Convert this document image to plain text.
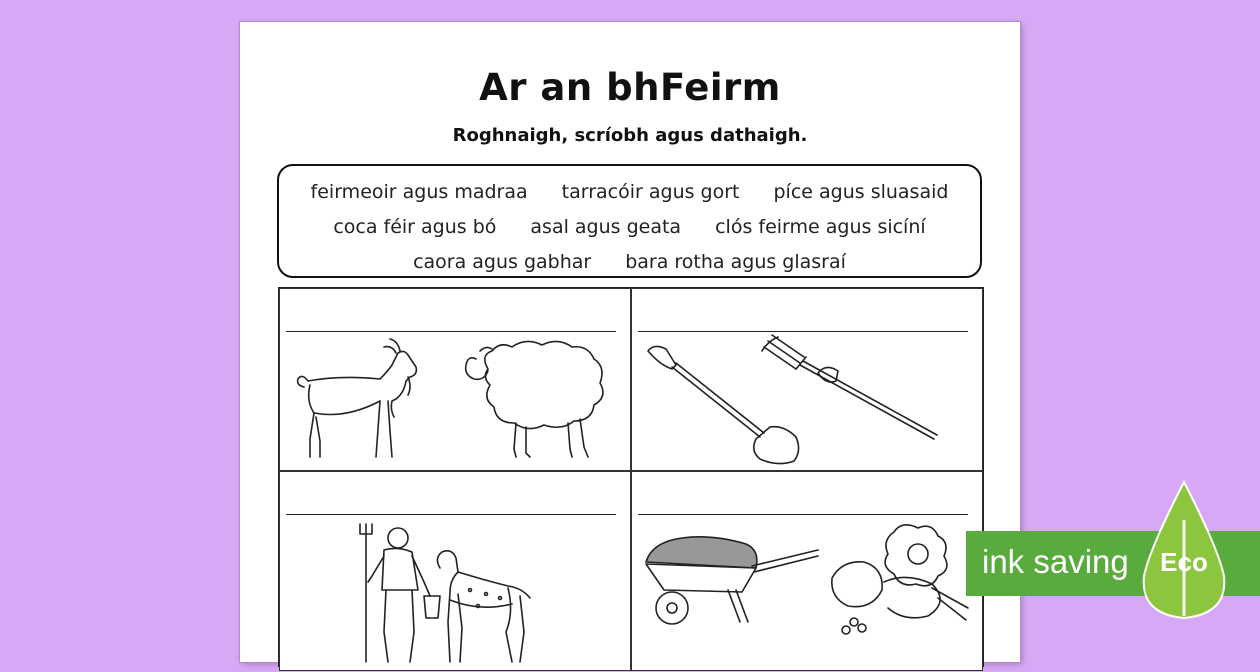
Ar an bhFeirm
Roghnaigh, scríobh agus dathaigh.
feirmeoir agus madraa tarracóir agus gort píce agus sluasaid
coca féir agus bó asal agus geata clós feirme agus sicíní
caora agus gabhar bara rotha agus glasraí
ink saving Eco
